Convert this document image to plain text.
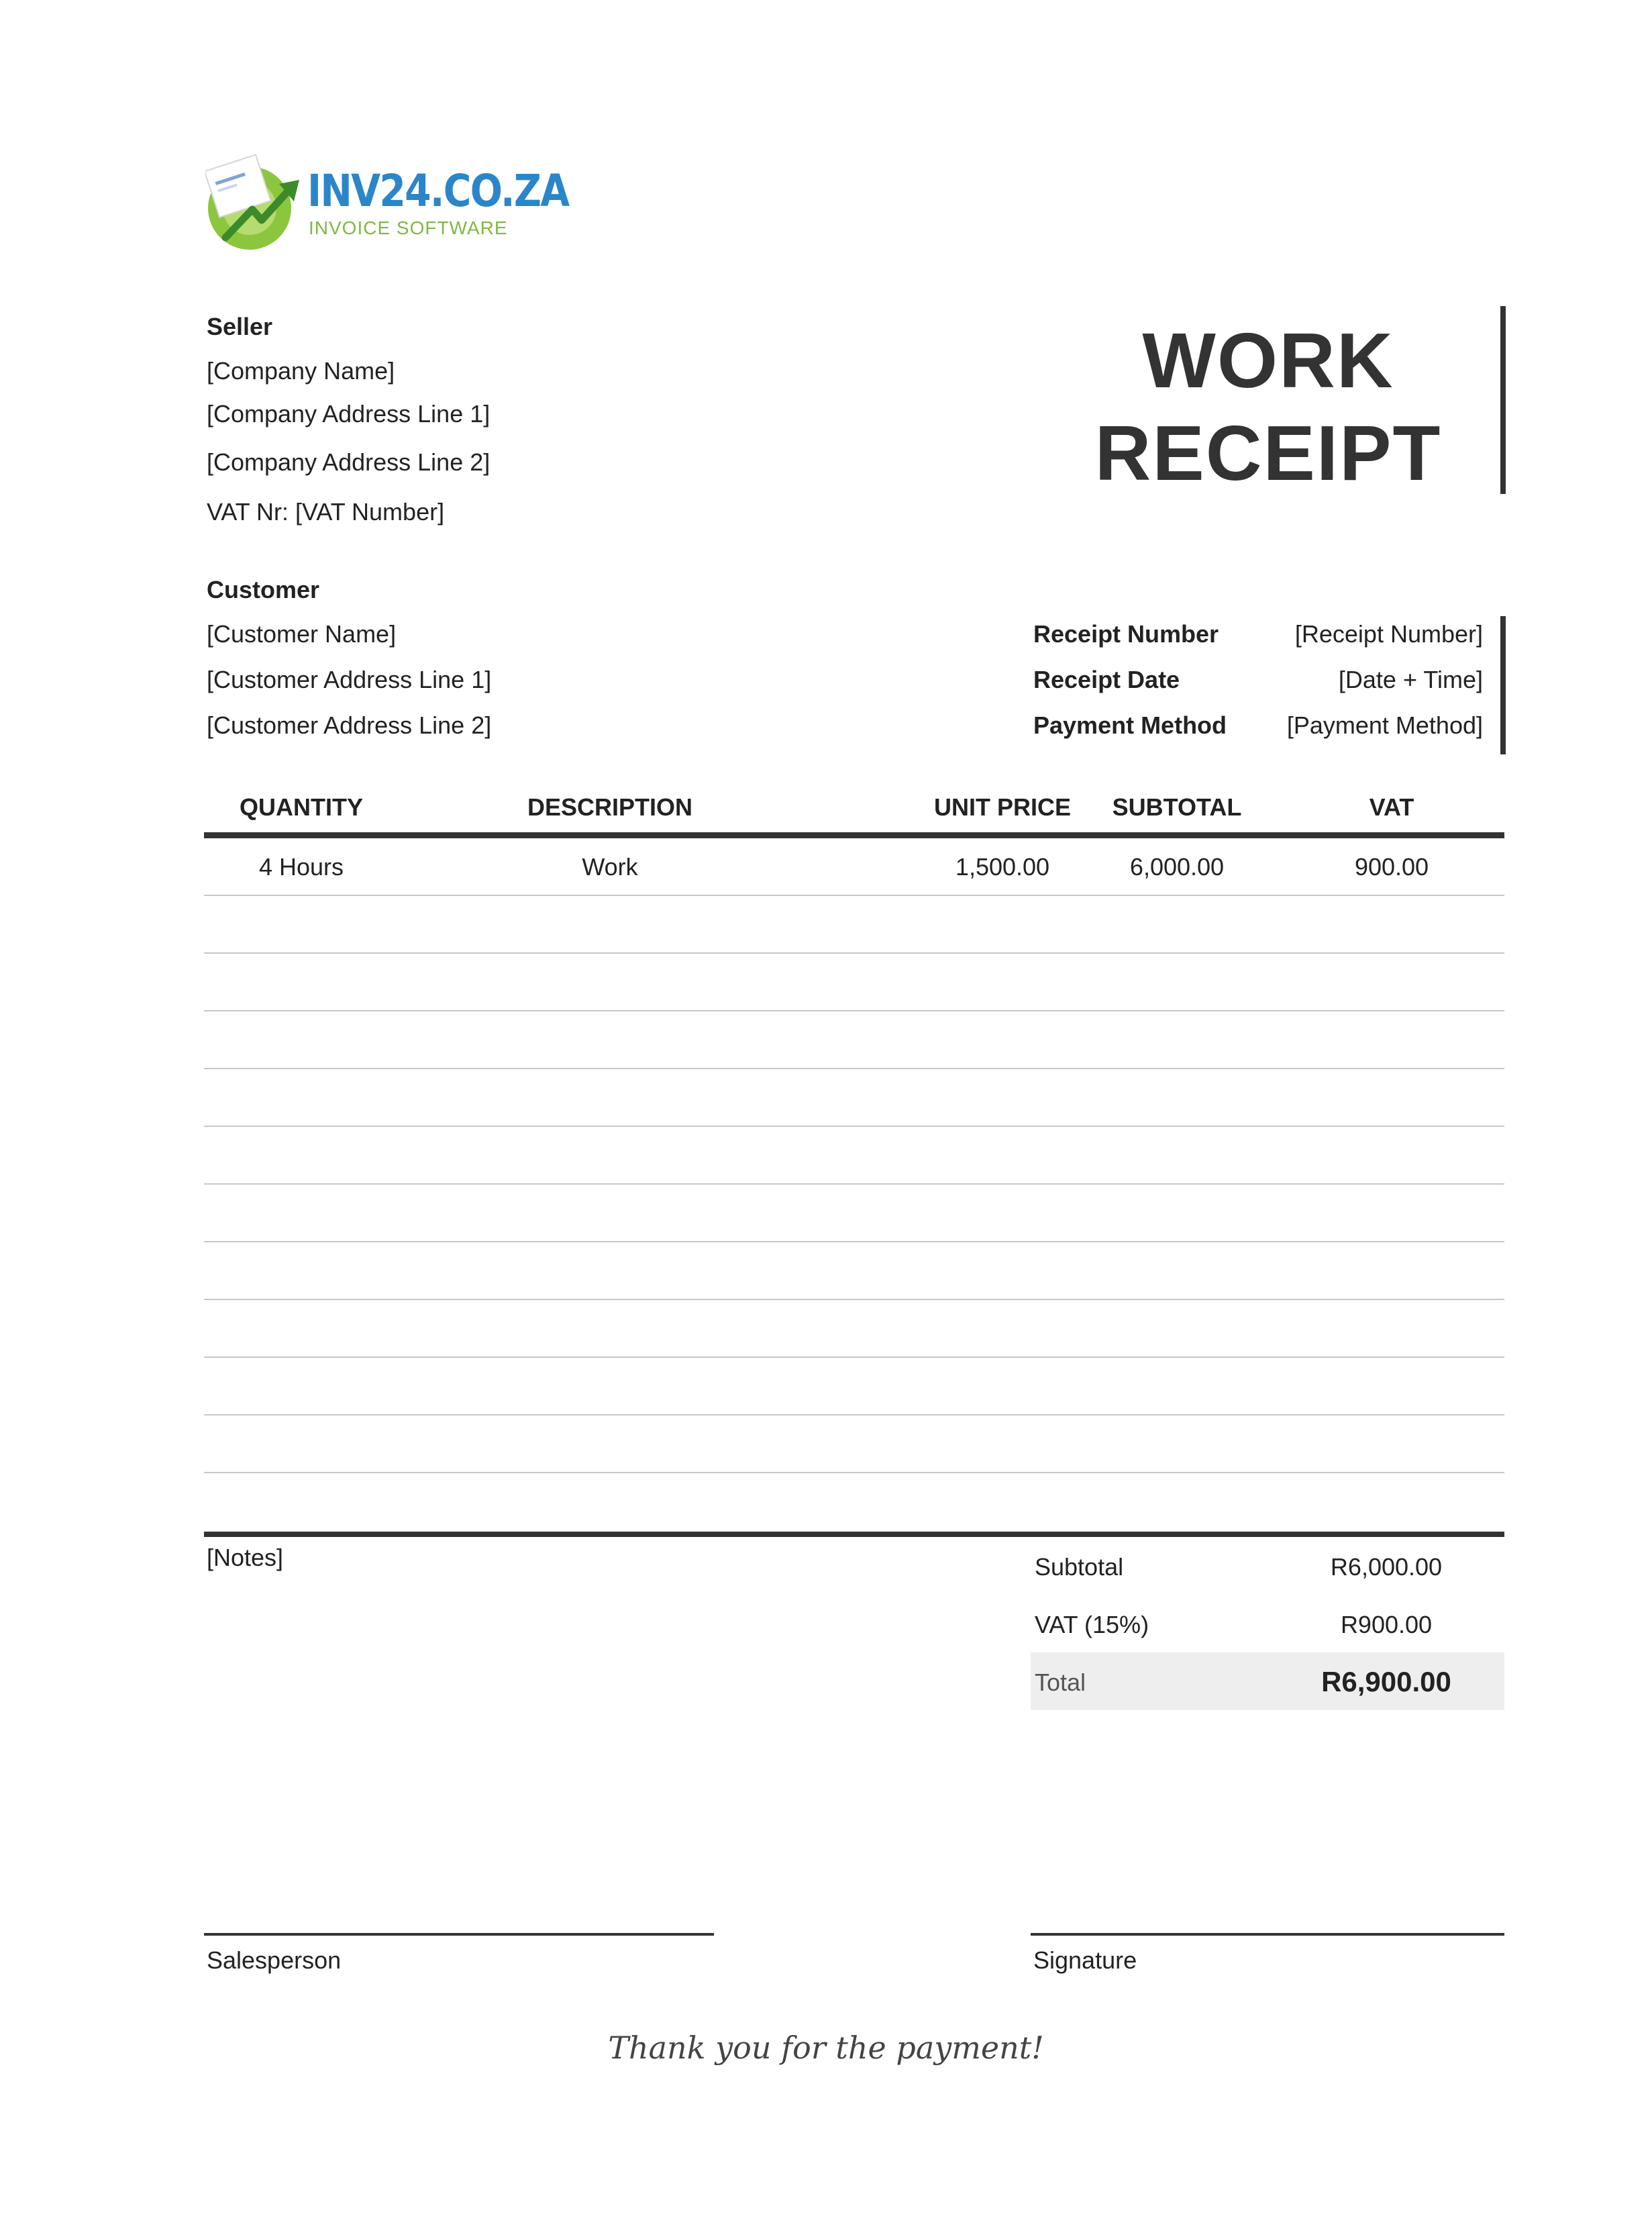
INV24.CO.ZA
INVOICE SOFTWARE
Seller
[Company Name]
[Company Address Line 1]
[Company Address Line 2]
VAT Nr: [VAT Number]
WORK
RECEIPT
Customer
[Customer Name]
[Customer Address Line 1]
[Customer Address Line 2]
Receipt Number	[Receipt Number]
Receipt Date	[Date + Time]
Payment Method [Payment Method]
QUANTITY	DESCRIPTION	UNIT PRICE	SUBTOTAL	VAT
4 Hours	Work	1,500.00	6,000.00	900.00
[Notes]	Subtotal	R6,000.00
VAT (15%)	R900.00
Total	R6,900.00
Salesperson	Signature
Thank you for the payment!
